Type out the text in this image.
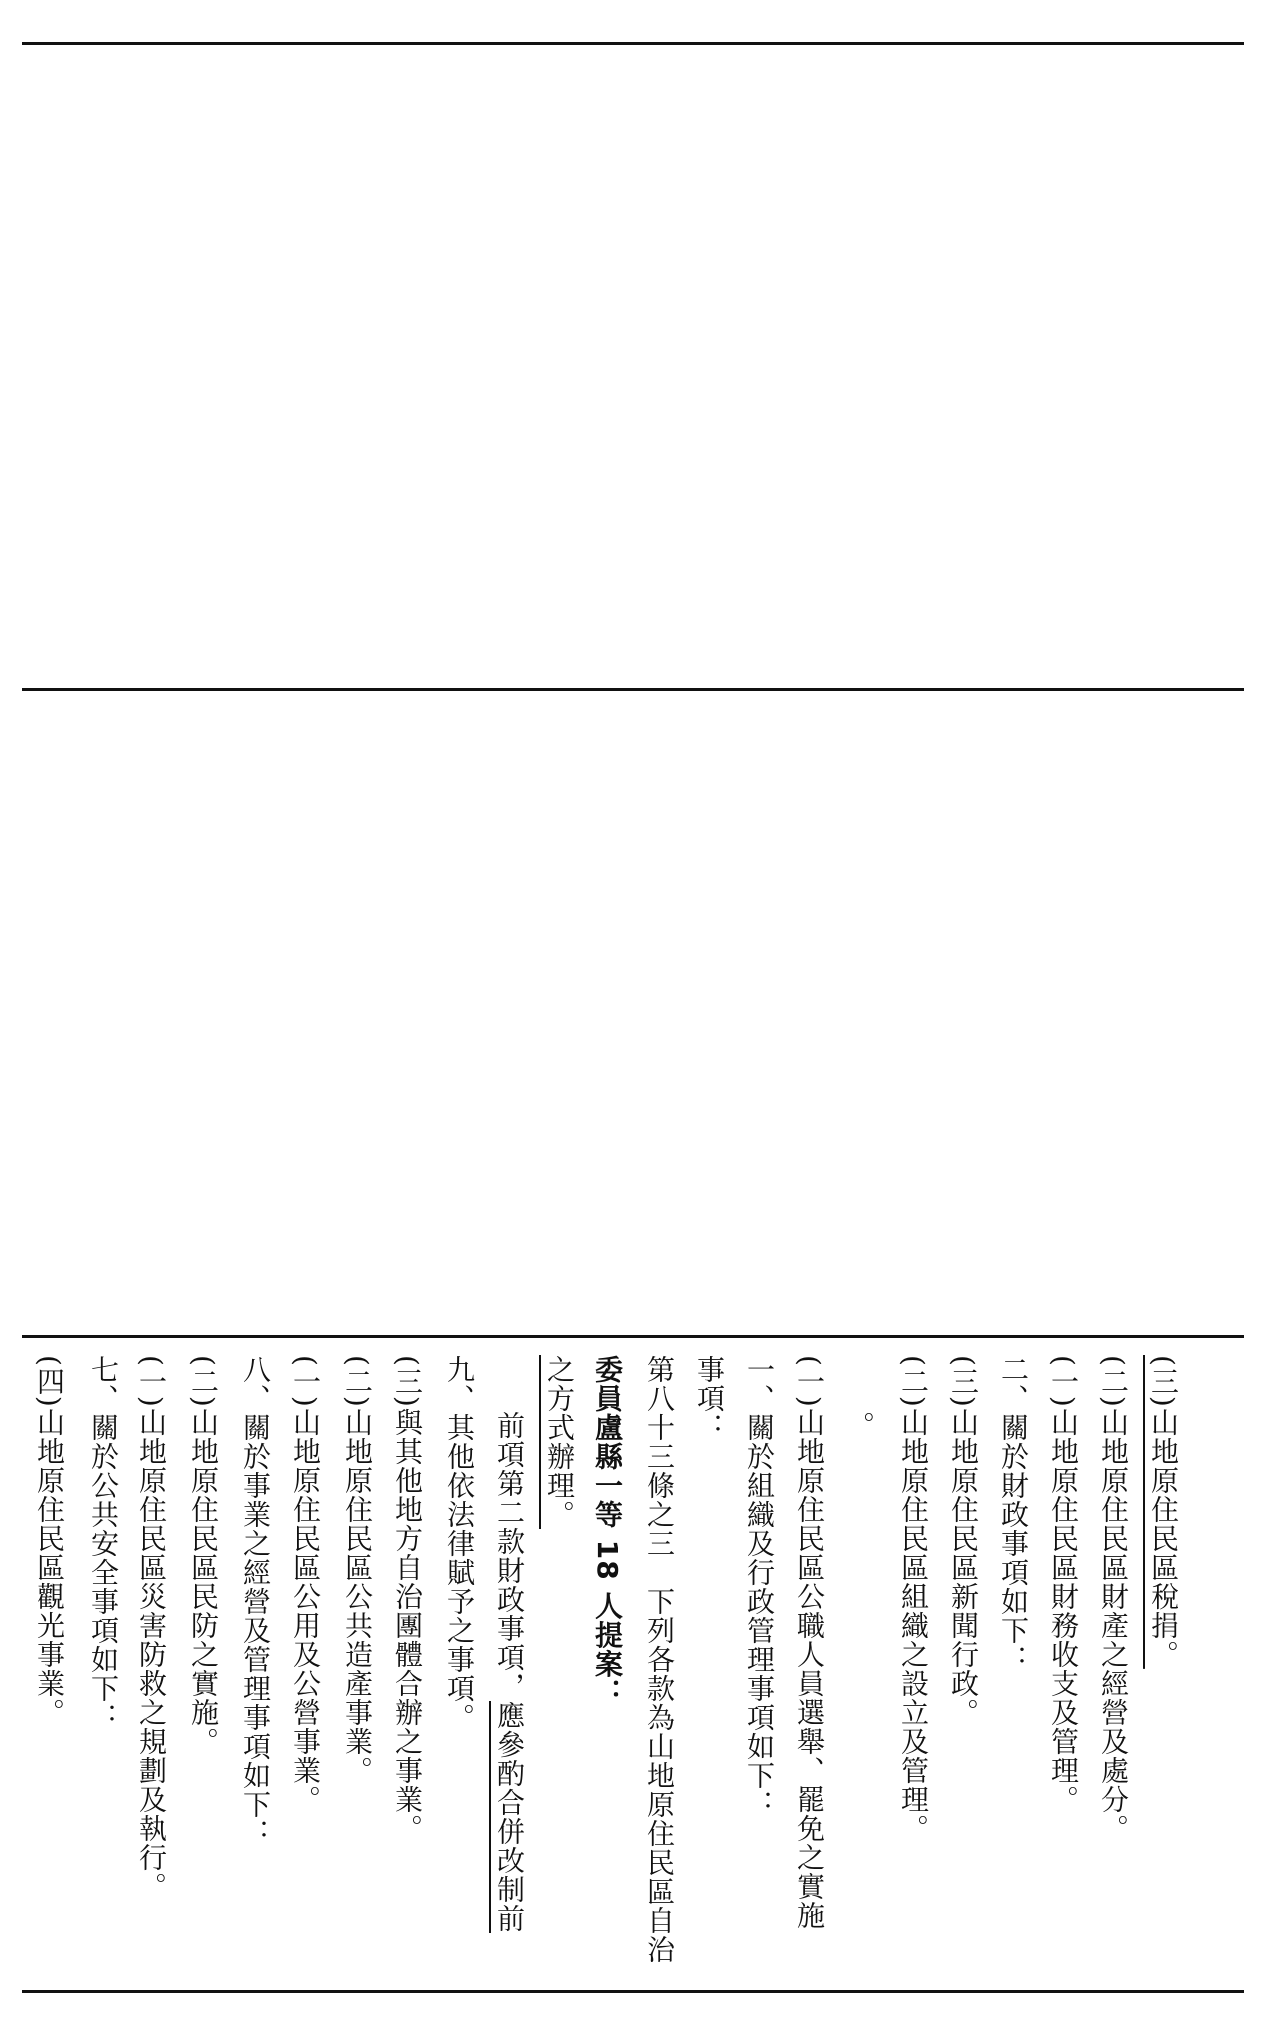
(四)山地原住民區觀光事業。 七、關於公共安全事項如下： (一)山地原住民區災害防救之規劃及執行。 (二)山地原住民區民防之實施。 八、關於事業之經營及管理事項如下： (一)山地原住民區公用及公營事業。 (二)山地原住民區公共造產事業。 (三)與其他地方自治團體合辦之事業。 九、其他依法律賦予之事項。 前項第二款財政事項，應參酌合併改制前
之方式辦理。 委員盧縣一等 18 人提案： 第八十三條之三　下列各款為山地原住民區自治 事項： 一、關於組織及行政管理事項如下： (一)山地原住民區公職人員選舉、罷免之實施 。 (二)山地原住民區組織之設立及管理。 (三)山地原住民區新聞行政。 二、關於財政事項如下： (一)山地原住民區財務收支及管理。 (二)山地原住民區財產之經營及處分。 (三)山地原住民區稅捐。
